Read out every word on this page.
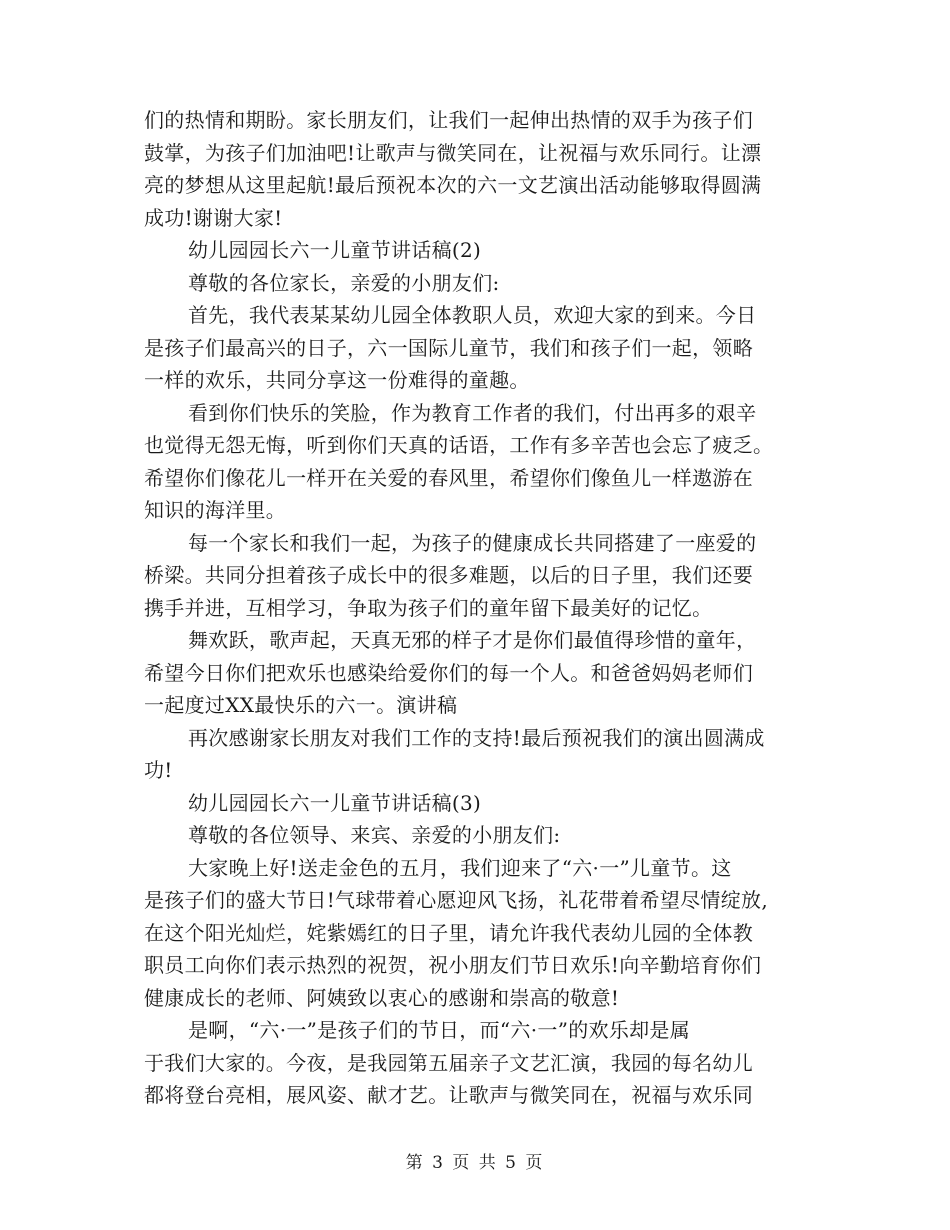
们的热情和期盼。家长朋友们，让我们一起伸出热情的双手为孩子们
鼓掌，为孩子们加油吧!让歌声与微笑同在，让祝福与欢乐同行。让漂
亮的梦想从这里起航!最后预祝本次的六一文艺演出活动能够取得圆满
成功!谢谢大家!
幼儿园园长六一儿童节讲话稿(2)
尊敬的各位家长，亲爱的小朋友们:
首先，我代表某某幼儿园全体教职人员，欢迎大家的到来。今日
是孩子们最高兴的日子，六一国际儿童节，我们和孩子们一起，领略
一样的欢乐，共同分享这一份难得的童趣。
看到你们快乐的笑脸，作为教育工作者的我们，付出再多的艰辛
也觉得无怨无悔，听到你们天真的话语，工作有多辛苦也会忘了疲乏。
希望你们像花儿一样开在关爱的春风里，希望你们像鱼儿一样遨游在
知识的海洋里。
每一个家长和我们一起，为孩子的健康成长共同搭建了一座爱的
桥梁。共同分担着孩子成长中的很多难题，以后的日子里，我们还要
携手并进，互相学习，争取为孩子们的童年留下最美好的记忆。
舞欢跃，歌声起，天真无邪的样子才是你们最值得珍惜的童年，
希望今日你们把欢乐也感染给爱你们的每一个人。和爸爸妈妈老师们
一起度过XX最快乐的六一。演讲稿
再次感谢家长朋友对我们工作的支持!最后预祝我们的演出圆满成
功!
幼儿园园长六一儿童节讲话稿(3)
尊敬的各位领导、来宾、亲爱的小朋友们:
大家晚上好!送走金色的五月，我们迎来了“六·一”儿童节。这
是孩子们的盛大节日!气球带着心愿迎风飞扬，礼花带着希望尽情绽放,
在这个阳光灿烂，姹紫嫣红的日子里，请允许我代表幼儿园的全体教
职员工向你们表示热烈的祝贺，祝小朋友们节日欢乐!向辛勤培育你们
健康成长的老师、阿姨致以衷心的感谢和崇高的敬意!
是啊，“六·一”是孩子们的节日，而“六·一”的欢乐却是属
于我们大家的。今夜，是我园第五届亲子文艺汇演，我园的每名幼儿
都将登台亮相，展风姿、献才艺。让歌声与微笑同在，祝福与欢乐同
第 3 页 共 5 页
